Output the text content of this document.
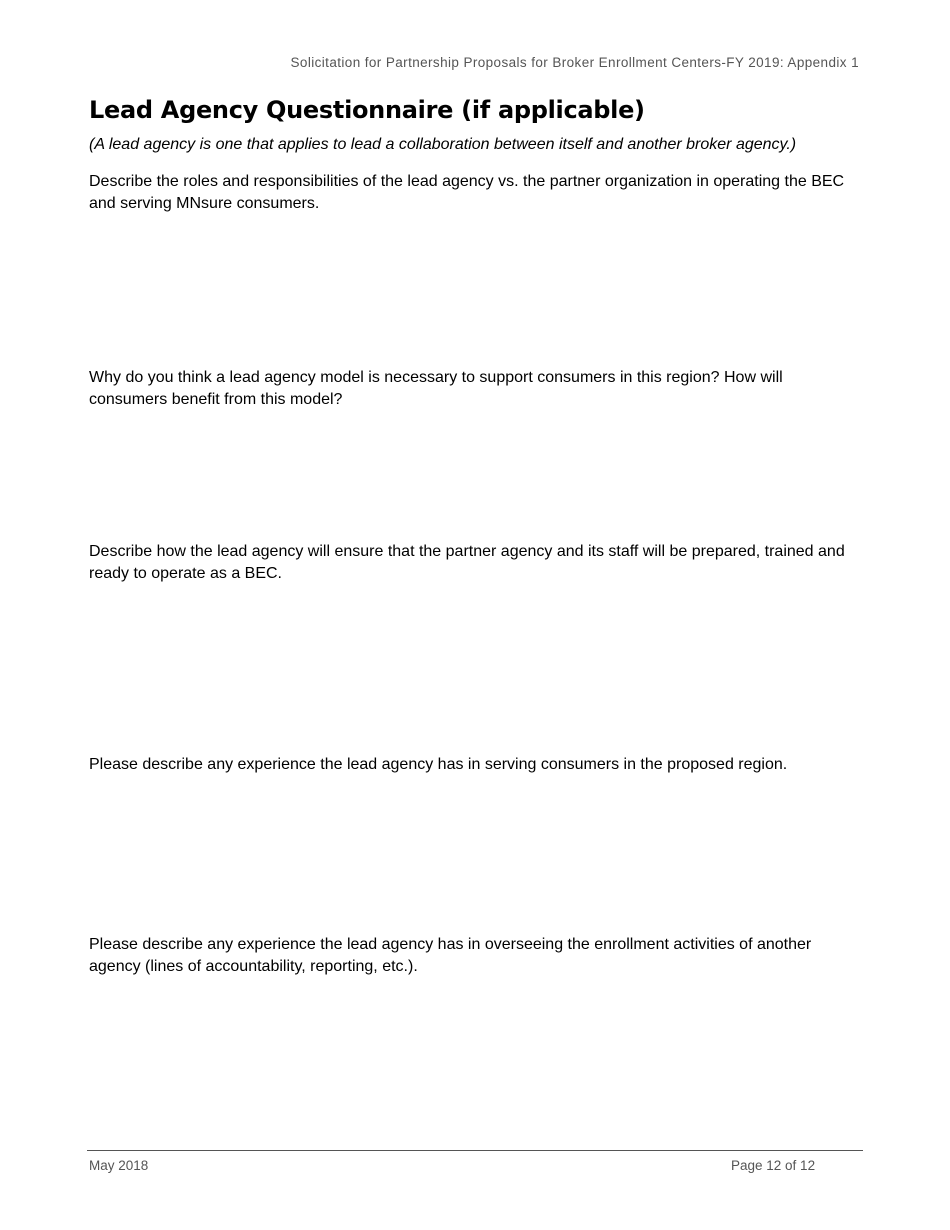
Solicitation for Partnership Proposals for Broker Enrollment Centers-FY 2019: Appendix 1
Lead Agency Questionnaire (if applicable)
(A lead agency is one that applies to lead a collaboration between itself and another broker agency.)

Describe the roles and responsibilities of the lead agency vs. the partner organization in operating the BEC and serving MNsure consumers.

Why do you think a lead agency model is necessary to support consumers in this region? How will consumers benefit from this model?

Describe how the lead agency will ensure that the partner agency and its staff will be prepared, trained and ready to operate as a BEC.

Please describe any experience the lead agency has in serving consumers in the proposed region.

Please describe any experience the lead agency has in overseeing the enrollment activities of another agency (lines of accountability, reporting, etc.).

May 2018	Page 12 of 12
